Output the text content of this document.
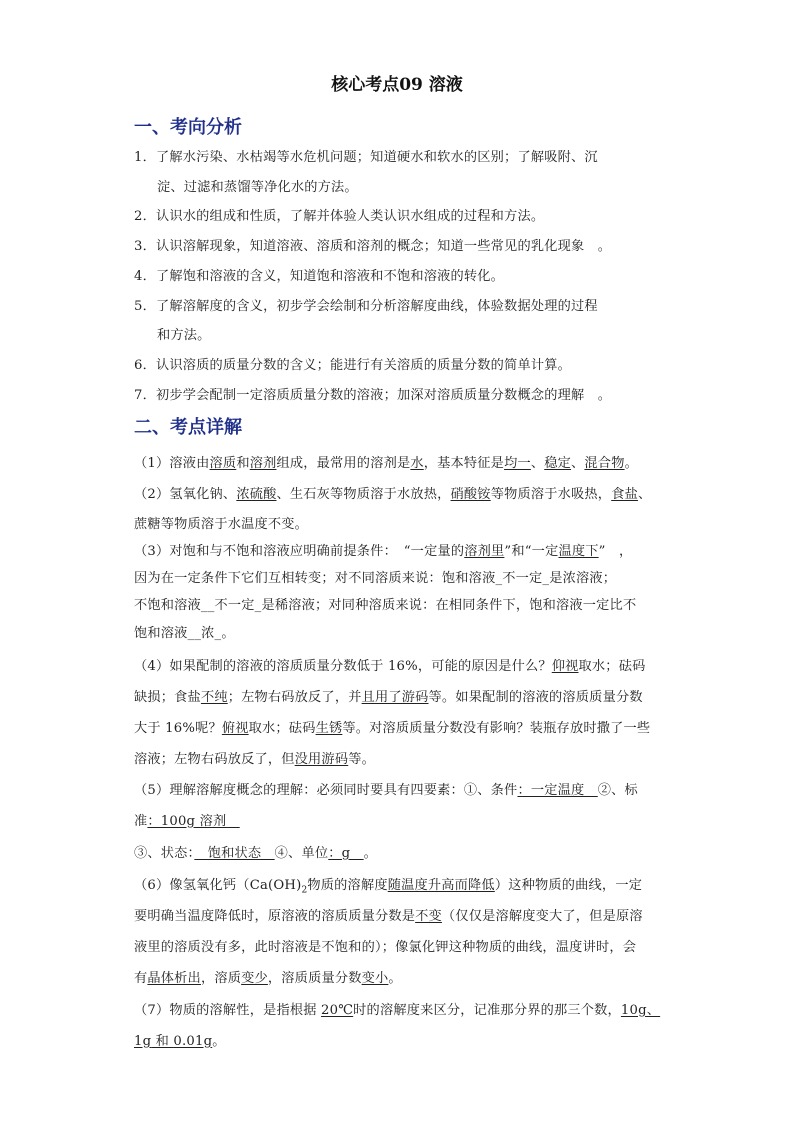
核心考点09 溶液
一、考向分析
1．了解水污染、水枯竭等水危机问题；知道硬水和软水的区别；了解吸附、沉
淀、过滤和蒸馏等净化水的方法。
2．认识水的组成和性质，了解并体验人类认识水组成的过程和方法。
3．认识溶解现象，知道溶液、溶质和溶剂的概念；知道一些常见的乳化现象　。
4．了解饱和溶液的含义，知道饱和溶液和不饱和溶液的转化。
5．了解溶解度的含义，初步学会绘制和分析溶解度曲线，体验数据处理的过程
和方法。
6．认识溶质的质量分数的含义；能进行有关溶质的质量分数的简单计算。
7．初步学会配制一定溶质质量分数的溶液；加深对溶质质量分数概念的理解　。
二、考点详解
（1）溶液由溶质和溶剂组成，最常用的溶剂是水，基本特征是均一、稳定、混合物。
（2）氢氧化钠、浓硫酸、生石灰等物质溶于水放热，硝酸铵等物质溶于水吸热，食盐、
蔗糖等物质溶于水温度不变。
（3）对饱和与不饱和溶液应明确前提条件：　“一定量的溶剂里”和“一定温度下”　，
因为在一定条件下它们互相转变；对不同溶质来说：饱和溶液_不一定_是浓溶液；
不饱和溶液__不一定_是稀溶液；对同种溶质来说：在相同条件下，饱和溶液一定比不
饱和溶液__浓_。
（4）如果配制的溶液的溶质质量分数低于 16%，可能的原因是什么？仰视取水；砝码
缺损；食盐不纯；左物右码放反了，并且用了游码等。如果配制的溶液的溶质质量分数
大于 16%呢？俯视取水；砝码生锈等。对溶质质量分数没有影响？装瓶存放时撒了一些
溶液；左物右码放反了，但没用游码等。
（5）理解溶解度概念的理解：必须同时要具有四要素：①、条件：一定温度　②、标
准：100g 溶剂　
③、状态：　饱和状态　④、单位：g　。
（6）像氢氧化钙（$Ca(OH)_2$物质的溶解度随温度升高而降低）这种物质的曲线，一定
要明确当温度降低时，原溶液的溶质质量分数是不变（仅仅是溶解度变大了，但是原溶
液里的溶质没有多，此时溶液是不饱和的）；像氯化钾这种物质的曲线，温度讲时，会
有晶体析出，溶质变少，溶质质量分数变小。
（7）物质的溶解性，是指根据 20℃时的溶解度来区分，记准那分界的那三个数，10g、
1g 和 0.01g。
